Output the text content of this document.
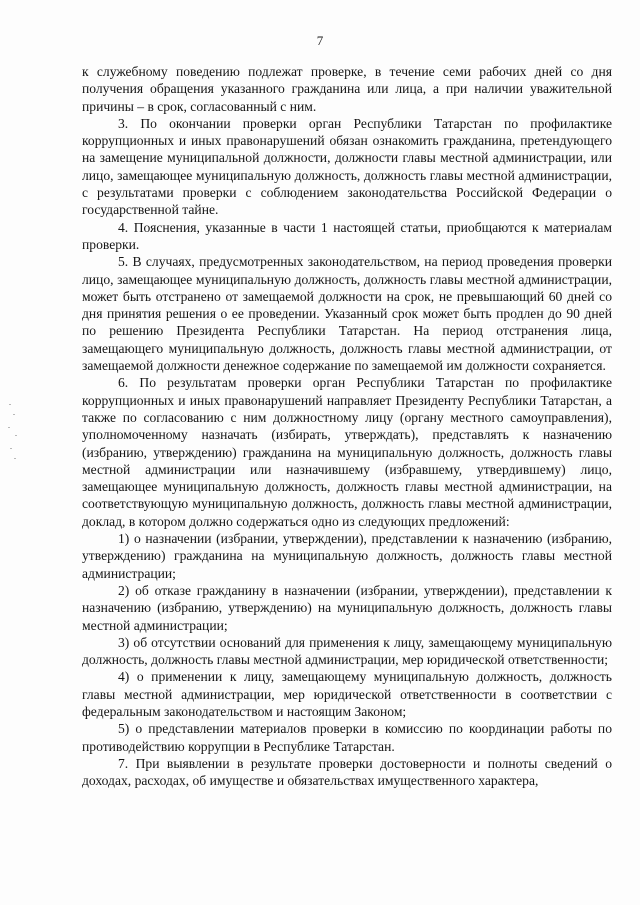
7

к служебному поведению подлежат проверке, в течение семи рабочих дней со дня получения обращения указанного гражданина или лица, а при наличии уважительной причины – в срок, согласованный с ним.

3. По окончании проверки орган Республики Татарстан по профилактике коррупционных и иных правонарушений обязан ознакомить гражданина, претендующего на замещение муниципальной должности, должности главы местной администрации, или лицо, замещающее муниципальную должность, должность главы местной администрации, с результатами проверки с соблюдением законодательства Российской Федерации о государственной тайне.

4. Пояснения, указанные в части 1 настоящей статьи, приобщаются к материалам проверки.

5. В случаях, предусмотренных законодательством, на период проведения проверки лицо, замещающее муниципальную должность, должность главы местной администрации, может быть отстранено от замещаемой должности на срок, не превышающий 60 дней со дня принятия решения о ее проведении. Указанный срок может быть продлен до 90 дней по решению Президента Республики Татарстан. На период отстранения лица, замещающего муниципальную должность, должность главы местной администрации, от замещаемой должности денежное содержание по замещаемой им должности сохраняется.

6. По результатам проверки орган Республики Татарстан по профилактике коррупционных и иных правонарушений направляет Президенту Республики Татарстан, а также по согласованию с ним должностному лицу (органу местного самоуправления), уполномоченному назначать (избирать, утверждать), представлять к назначению (избранию, утверждению) гражданина на муниципальную должность, должность главы местной администрации или назначившему (избравшему, утвердившему) лицо, замещающее муниципальную должность, должность главы местной администрации, на соответствующую муниципальную должность, должность главы местной администрации, доклад, в котором должно содержаться одно из следующих предложений:

1) о назначении (избрании, утверждении), представлении к назначению (избранию, утверждению) гражданина на муниципальную должность, должность главы местной администрации;

2) об отказе гражданину в назначении (избрании, утверждении), представлении к назначению (избранию, утверждению) на муниципальную должность, должность главы местной администрации;

3) об отсутствии оснований для применения к лицу, замещающему муниципальную должность, должность главы местной администрации, мер юридической ответственности;

4) о применении к лицу, замещающему муниципальную должность, должность главы местной администрации, мер юридической ответственности в соответствии с федеральным законодательством и настоящим Законом;

5) о представлении материалов проверки в комиссию по координации работы по противодействию коррупции в Республике Татарстан.

7. При выявлении в результате проверки достоверности и полноты сведений о доходах, расходах, об имуществе и обязательствах имущественного характера,
